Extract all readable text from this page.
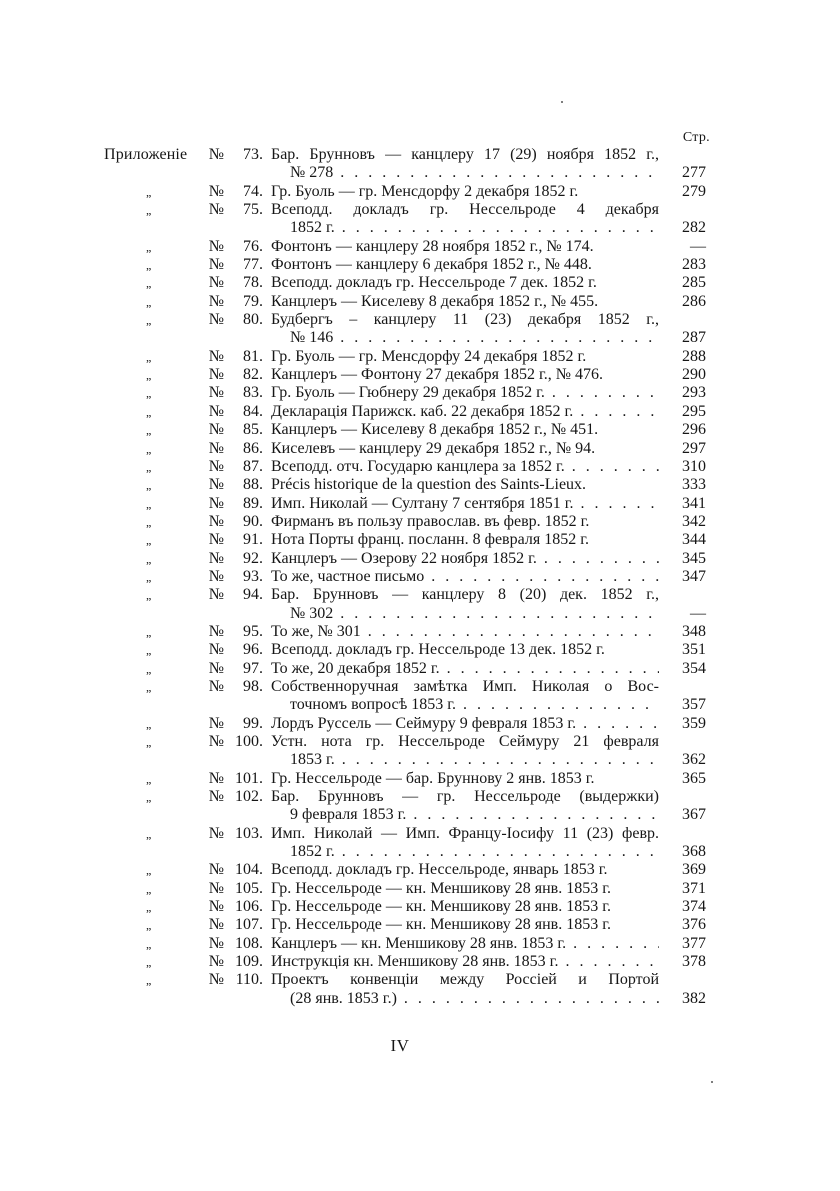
Стр.
Приложеніе	№	73. Бар. Брунновъ — канцлеру 17 (29) ноября 1852 г.,
№ 278 . . .	277
„	№	74. Гр. Буоль — гр. Менсдорфу 2 декабря 1852 г.	279
„	№	75. Всеподд. докладъ гр. Нессельроде 4 декабря
1852 г. . . .	282
„	№	76. Фонтонъ — канцлеру 28 ноября 1852 г., № 174.	—
„	№	77. Фонтонъ — канцлеру 6 декабря 1852 г., № 448.	283
„	№	78. Всеподд. докладъ гр. Нессельроде 7 дек. 1852 г.	285
„	№	79. Канцлеръ — Киселеву 8 декабря 1852 г., № 455.	286
„	№	80. Будбергъ – канцлеру 11 (23) декабря 1852 г.,
№ 146 . . .	287
„	№	81. Гр. Буоль — гр. Менсдорфу 24 декабря 1852 г.	288
„	№	82. Канцлеръ — Фонтону 27 декабря 1852 г., № 476.	290
„	№	83. Гр. Буоль — Гюбнеру 29 декабря 1852 г. . . .	293
„	№	84. Декларація Парижск. каб. 22 декабря 1852 г. . . .	295
„	№	85. Канцлеръ — Киселеву 8 декабря 1852 г., № 451.	296
„	№	86. Киселевъ — канцлеру 29 декабря 1852 г., № 94.	297
„	№	87. Всеподд. отч. Государю канцлера за 1852 г. . . .	310
„	№	88. Précis historique de la question des Saints-Lieux.	333
„	№	89. Имп. Николай — Султану 7 сентября 1851 г. . . .	341
„	№	90. Фирманъ въ пользу православ. въ февр. 1852 г.	342
„	№	91. Нота Порты франц. посланн. 8 февраля 1852 г.	344
„	№	92. Канцлеръ — Озерову 22 ноября 1852 г. . . .	345
„	№	93. То же, частное письмо . . .	347
„	№	94. Бар. Брунновъ — канцлеру 8 (20) дек. 1852 г.,
№ 302 . . .	—
„	№	95. То же, № 301 . . .	348
„	№	96. Всеподд. докладъ гр. Нессельроде 13 дек. 1852 г.	351
„	№	97. То же, 20 декабря 1852 г. . . .	354
„	№	98. Собственноручная замѣтка Имп. Николая о Вос-
точномъ вопросѣ 1853 г. . . .	357
„	№	99. Лордъ Руссель — Сеймуру 9 февраля 1853 г. . . .	359
„	№ 100. Устн. нота гр. Нессельроде Сеймуру 21 февраля
1853 г. . . .	362
„	№ 101. Гр. Нессельроде — бар. Бруннову 2 янв. 1853 г.	365
„	№ 102. Бар. Брунновъ — гр. Нессельроде (выдержки)
9 февраля 1853 г. . . .	367
„	№ 103. Имп. Николай — Имп. Францу-Іосифу 11 (23) февр.
1852 г. . . .	368
„	№ 104. Всеподд. докладъ гр. Нессельроде, январь 1853 г.	369
„	№ 105. Гр. Нессельроде — кн. Меншикову 28 янв. 1853 г.	371
„	№ 106. Гр. Нессельроде — кн. Меншикову 28 янв. 1853 г.	374
„	№ 107. Гр. Нессельроде — кн. Меншикову 28 янв. 1853 г.	376
„	№ 108. Канцлеръ — кн. Меншикову 28 янв. 1853 г. . . .	377
„	№ 109. Инструкція кн. Меншикову 28 янв. 1853 г. . . .	378
„	№ 110. Проектъ конвенціи между Россіей и Портой
(28 янв. 1853 г.) . . .	382
IV
